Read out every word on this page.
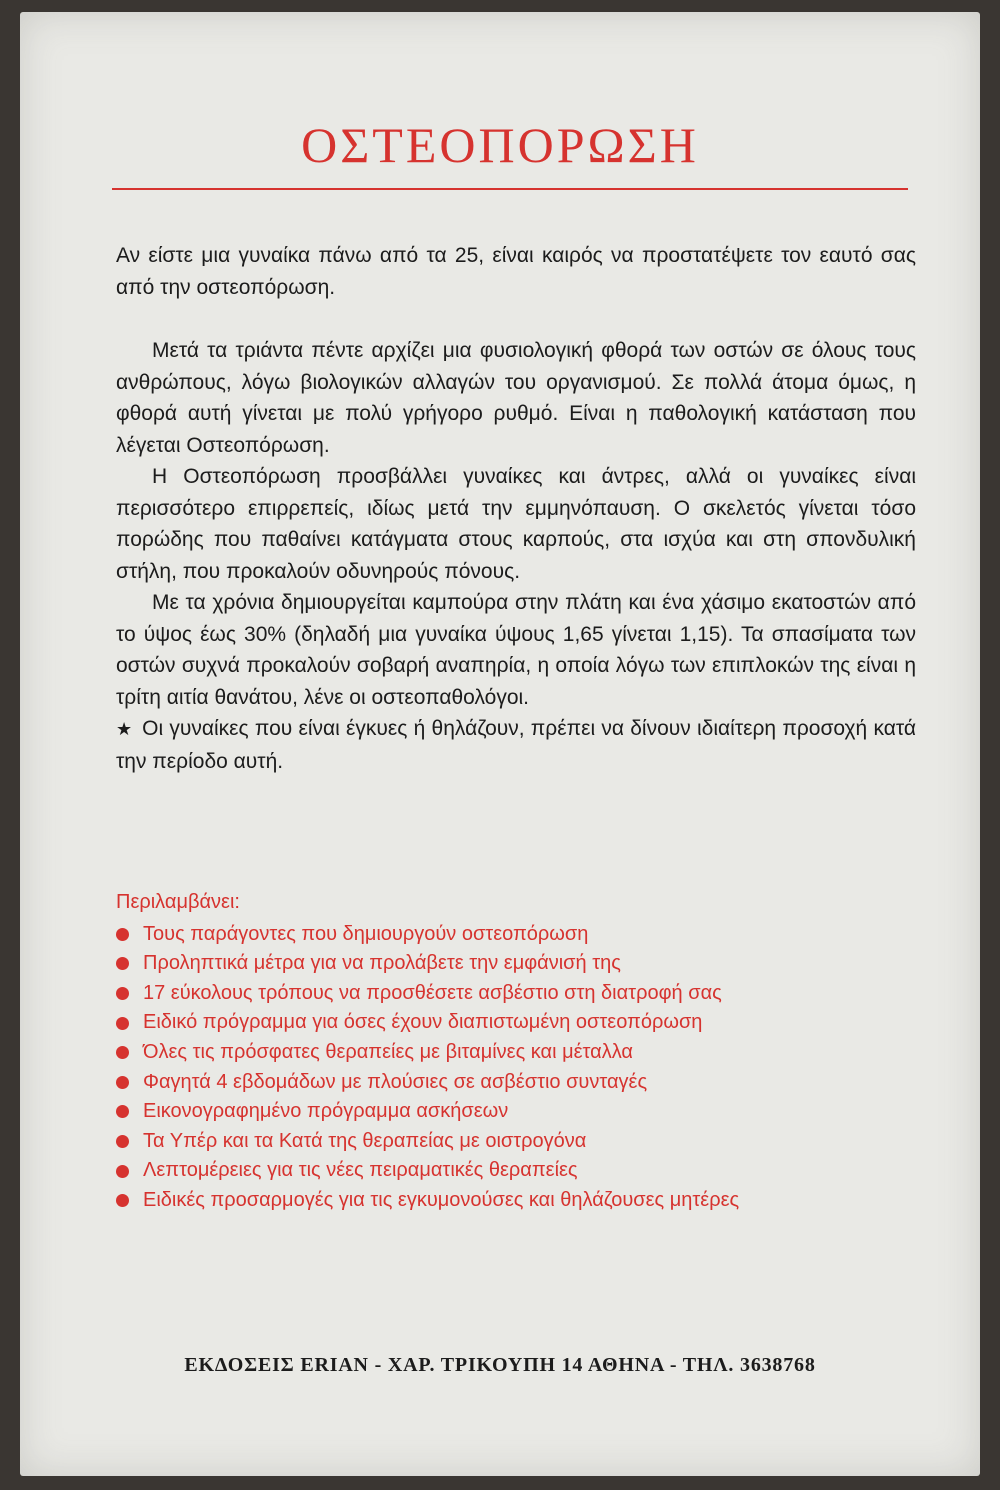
ΟΣΤΕΟΠΟΡΩΣΗ

Αν είστε μια γυναίκα πάνω από τα 25, είναι καιρός να προστατέψετε τον εαυτό σας από την οστεοπόρωση.

Μετά τα τριάντα πέντε αρχίζει μια φυσιολογική φθορά των οστών σε όλους τους ανθρώπους, λόγω βιολογικών αλλαγών του οργανισμού. Σε πολλά άτομα όμως, η φθορά αυτή γίνεται με πολύ γρήγορο ρυθμό. Είναι η παθολογική κατάσταση που λέγεται Οστεοπόρωση.

Η Οστεοπόρωση προσβάλλει γυναίκες και άντρες, αλλά οι γυναίκες είναι περισσότερο επιρρεπείς, ιδίως μετά την εμμηνόπαυση. Ο σκελετός γίνεται τόσο πορώδης που παθαίνει κατάγματα στους καρπούς, στα ισχύα και στη σπονδυλική στήλη, που προκαλούν οδυνηρούς πόνους.

Με τα χρόνια δημιουργείται καμπούρα στην πλάτη και ένα χάσιμο εκατοστών από το ύψος έως 30% (δηλαδή μια γυναίκα ύψους 1,65 γίνεται 1,15). Τα σπασίματα των οστών συχνά προκαλούν σοβαρή αναπηρία, η οποία λόγω των επιπλοκών της είναι η τρίτη αιτία θανάτου, λένε οι οστεοπαθολόγοι.

★ Οι γυναίκες που είναι έγκυες ή θηλάζουν, πρέπει να δίνουν ιδιαίτερη προσοχή κατά την περίοδο αυτή.

Περιλαμβάνει:

Τους παράγοντες που δημιουργούν οστεοπόρωση
Προληπτικά μέτρα για να προλάβετε την εμφάνισή της
17 εύκολους τρόπους να προσθέσετε ασβέστιο στη διατροφή σας
Ειδικό πρόγραμμα για όσες έχουν διαπιστωμένη οστεοπόρωση
Όλες τις πρόσφατες θεραπείες με βιταμίνες και μέταλλα
Φαγητά 4 εβδομάδων με πλούσιες σε ασβέστιο συνταγές
Εικονογραφημένο πρόγραμμα ασκήσεων
Τα Υπέρ και τα Κατά της θεραπείας με οιστρογόνα
Λεπτομέρειες για τις νέες πειραματικές θεραπείες
Ειδικές προσαρμογές για τις εγκυμονούσες και θηλάζουσες μητέρες
ΕΚΔΟΣΕΙΣ ERIAN - ΧΑΡ. ΤΡΙΚΟΥΠΗ 14 ΑΘΗΝΑ - ΤΗΛ. 3638768
